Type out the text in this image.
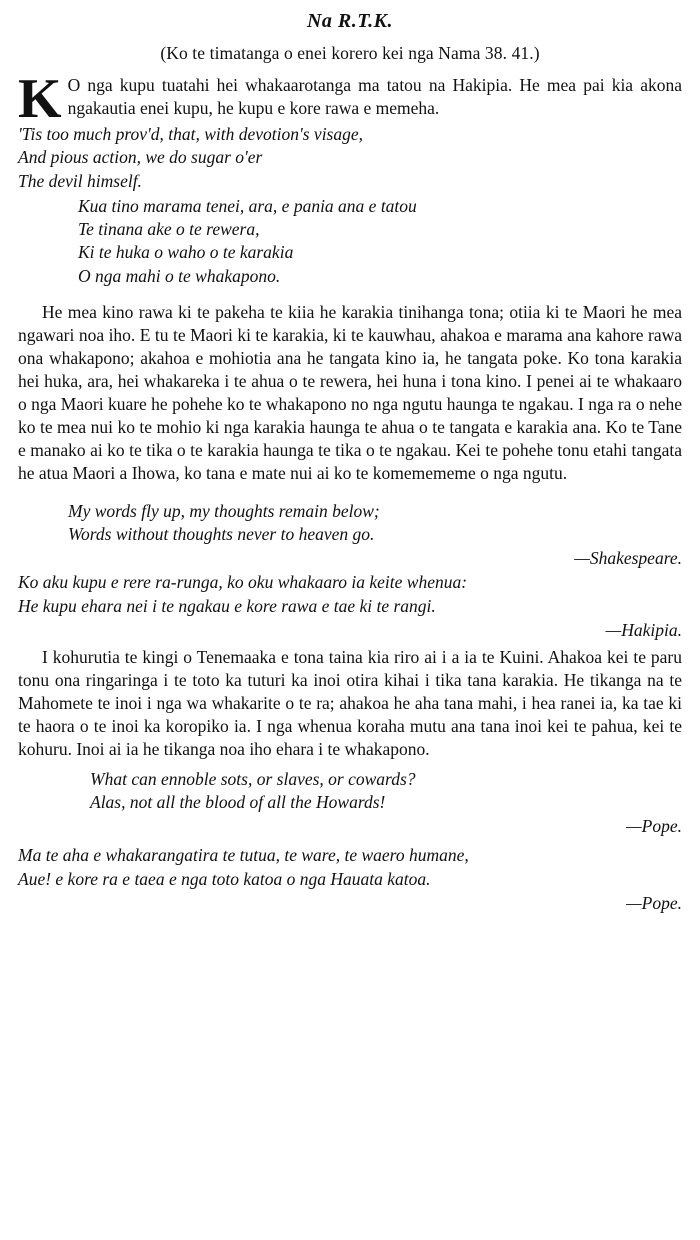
Na R.T.K.
(Ko te timatanga o enei korero kei nga Nama 38. 41.)
K O nga kupu tuatahi hei whakaarotanga ma tatou na Hakipia. He mea pai kia akona ngakautia enei kupu, he kupu e kore rawa e memeha.
'Tis too much prov'd, that, with devotion's visage,
And pious action, we do sugar o'er
The devil himself.
Kua tino marama tenei, ara, e pania ana e tatou
Te tinana ake o te rewera,
Ki te huka o waho o te karakia
O nga mahi o te whakapono.

He mea kino rawa ki te pakeha te kiia he karakia tinihanga tona; otiia ki te Maori he mea ngawari noa iho. E tu te Maori ki te karakia, ki te kauwhau, ahakoa e marama ana kahore rawa ona whakapono; akahoa e mohiotia ana he tangata kino ia, he tangata poke. Ko tona karakia hei huka, ara, hei whakareka i te ahua o te rewera, hei huna i tona kino. I penei ai te whakaaro o nga Maori kuare he pohehe ko te whakapono no nga ngutu haunga te ngakau. I nga ra o nehe ko te mea nui ko te mohio ki nga karakia haunga te ahua o te tangata e karakia ana. Ko te Tane e manako ai ko te tika o te karakia haunga te tika o te ngakau. Kei te pohehe tonu etahi tangata he atua Maori a Ihowa, ko tana e mate nui ai ko te komemememe o nga ngutu.

My words fly up, my thoughts remain below;
Words without thoughts never to heaven go.
—Shakespeare.
Ko aku kupu e rere ra-runga, ko oku whakaaro ia keite whenua:
He kupu ehara nei i te ngakau e kore rawa e tae ki te rangi.
—Hakipia.

I kohurutia te kingi o Tenemaaka e tona taina kia riro ai i a ia te Kuini. Ahakoa kei te paru tonu ona ringaringa i te toto ka tuturi ka inoi otira kihai i tika tana karakia. He tikanga na te Mahomete te inoi i nga wa whakarite o te ra; ahakoa he aha tana mahi, i hea ranei ia, ka tae ki te haora o te inoi ka koropiko ia. I nga whenua koraha mutu ana tana inoi kei te pahua, kei te kohuru. Inoi ai ia he tikanga noa iho ehara i te whakapono.

What can ennoble sots, or slaves, or cowards?
Alas, not all the blood of all the Howards!
—Pope.
Ma te aha e whakarangatira te tutua, te ware, te waero humane,
Aue! e kore ra e taea e nga toto katoa o nga Hauata katoa.
—Pope.
